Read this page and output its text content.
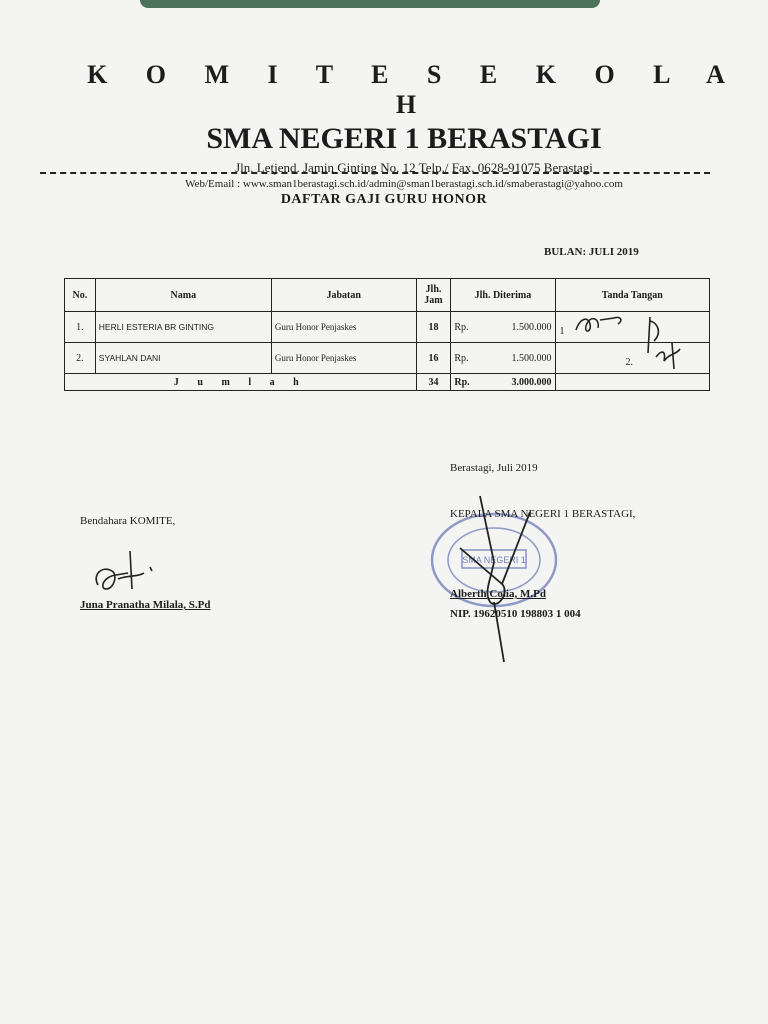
K O M I T E S E K O L A H
SMA NEGERI 1 BERASTAGI
Jln. Letjend. Jamin Ginting No. 12 Telp./ Fax. 0628-91075 Berastagi
Web/Email : www.sman1berastagi.sch.id/admin@sman1berastagi.sch.id/smaberastagi@yahoo.com
DAFTAR GAJI GURU HONOR
BULAN: JULI 2019
No.	Nama	Jabatan	Jlh. Jam	Jlh. Diterima		Tanda Tangan
1.	HERLI ESTERIA BR GINTING	Guru Honor Penjaskes	18	Rp.	1.500.000	1

2.	SYAHLAN DANI	Guru Honor Penjaskes	16	Rp.	1.500.000	2.

J u m l a h			34	Rp.	3.000.000	
Bendahara KOMITE,
Juna Pranatha Milala, S.Pd
SMA NEGERI 1
Berastagi, Juli 2019
KEPALA SMA NEGERI 1 BERASTAGI,
Alberth Colia, M.Pd
NIP. 19620510 198803 1 004
